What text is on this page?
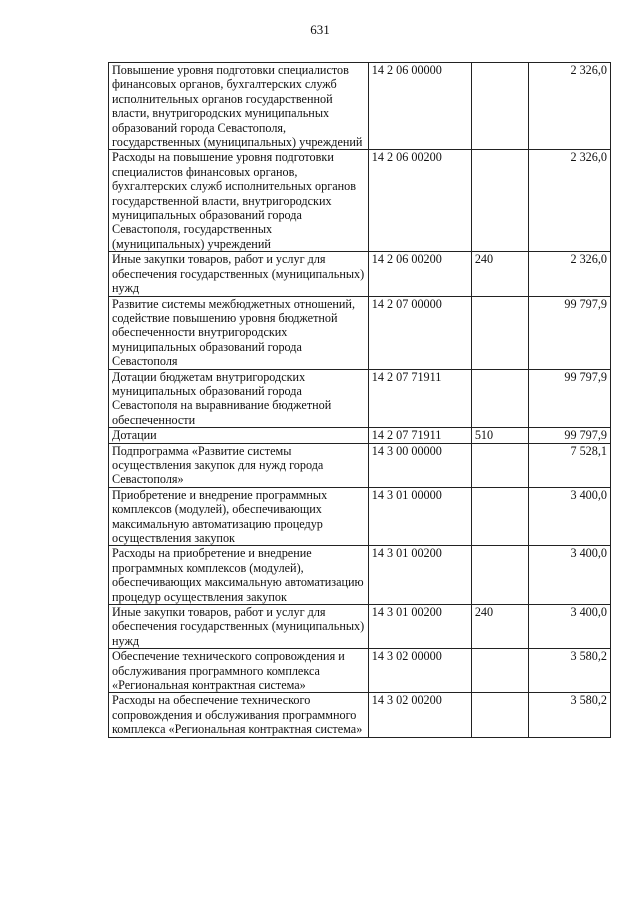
631
Повышение уровня подготовки специалистов финансовых органов, бухгалтерских служб исполнительных органов государственной власти, внутригородских муниципальных образований города Севастополя, государственных (муниципальных) учреждений	14 2 06 00000		2 326,0
Расходы на повышение уровня подготовки специалистов финансовых органов, бухгалтерских служб исполнительных органов государственной власти, внутригородских муниципальных образований города Севастополя, государственных (муниципальных) учреждений	14 2 06 00200		2 326,0
Иные закупки товаров, работ и услуг для обеспечения государственных (муниципальных) нужд	14 2 06 00200	240	2 326,0
Развитие системы межбюджетных отношений, содействие повышению уровня бюджетной обеспеченности внутригородских муниципальных образований города Севастополя	14 2 07 00000		99 797,9
Дотации бюджетам внутригородских муниципальных образований города Севастополя на выравнивание бюджетной обеспеченности	14 2 07 71911		99 797,9
Дотации	14 2 07 71911	510	99 797,9
Подпрограмма «Развитие системы осуществления закупок для нужд города Севастополя»	14 3 00 00000		7 528,1
Приобретение и внедрение программных комплексов (модулей), обеспечивающих максимальную автоматизацию процедур осуществления закупок	14 3 01 00000		3 400,0
Расходы на приобретение и внедрение программных комплексов (модулей), обеспечивающих максимальную автоматизацию процедур осуществления закупок	14 3 01 00200		3 400,0
Иные закупки товаров, работ и услуг для обеспечения государственных (муниципальных) нужд	14 3 01 00200	240	3 400,0
Обеспечение технического сопровождения и обслуживания программного комплекса «Региональная контрактная система»	14 3 02 00000		3 580,2
Расходы на обеспечение технического сопровождения и обслуживания программного комплекса «Региональная контрактная система»	14 3 02 00200		3 580,2
